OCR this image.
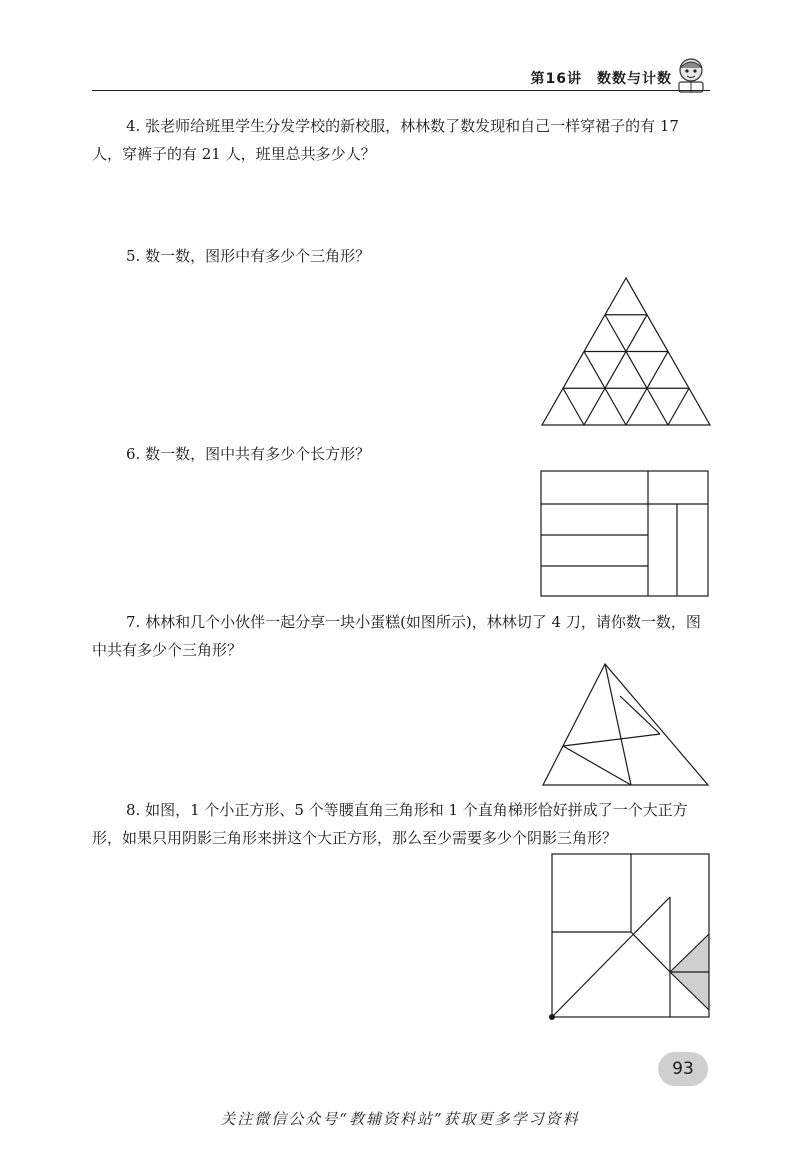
第16讲　数数与计数

4. 张老师给班里学生分发学校的新校服，林林数了数发现和自己一样穿裙子的有 17 人，穿裤子的有 21 人，班里总共多少人？

5. 数一数，图形中有多少个三角形？

6. 数一数，图中共有多少个长方形？

7. 林林和几个小伙伴一起分享一块小蛋糕(如图所示)，林林切了 4 刀，请你数一数，图中共有多少个三角形？

8. 如图，1 个小正方形、5 个等腰直角三角形和 1 个直角梯形恰好拼成了一个大正方形，如果只用阴影三角形来拼这个大正方形，那么至少需要多少个阴影三角形？

93
关注微信公众号“教辅资料站”获取更多学习资料
